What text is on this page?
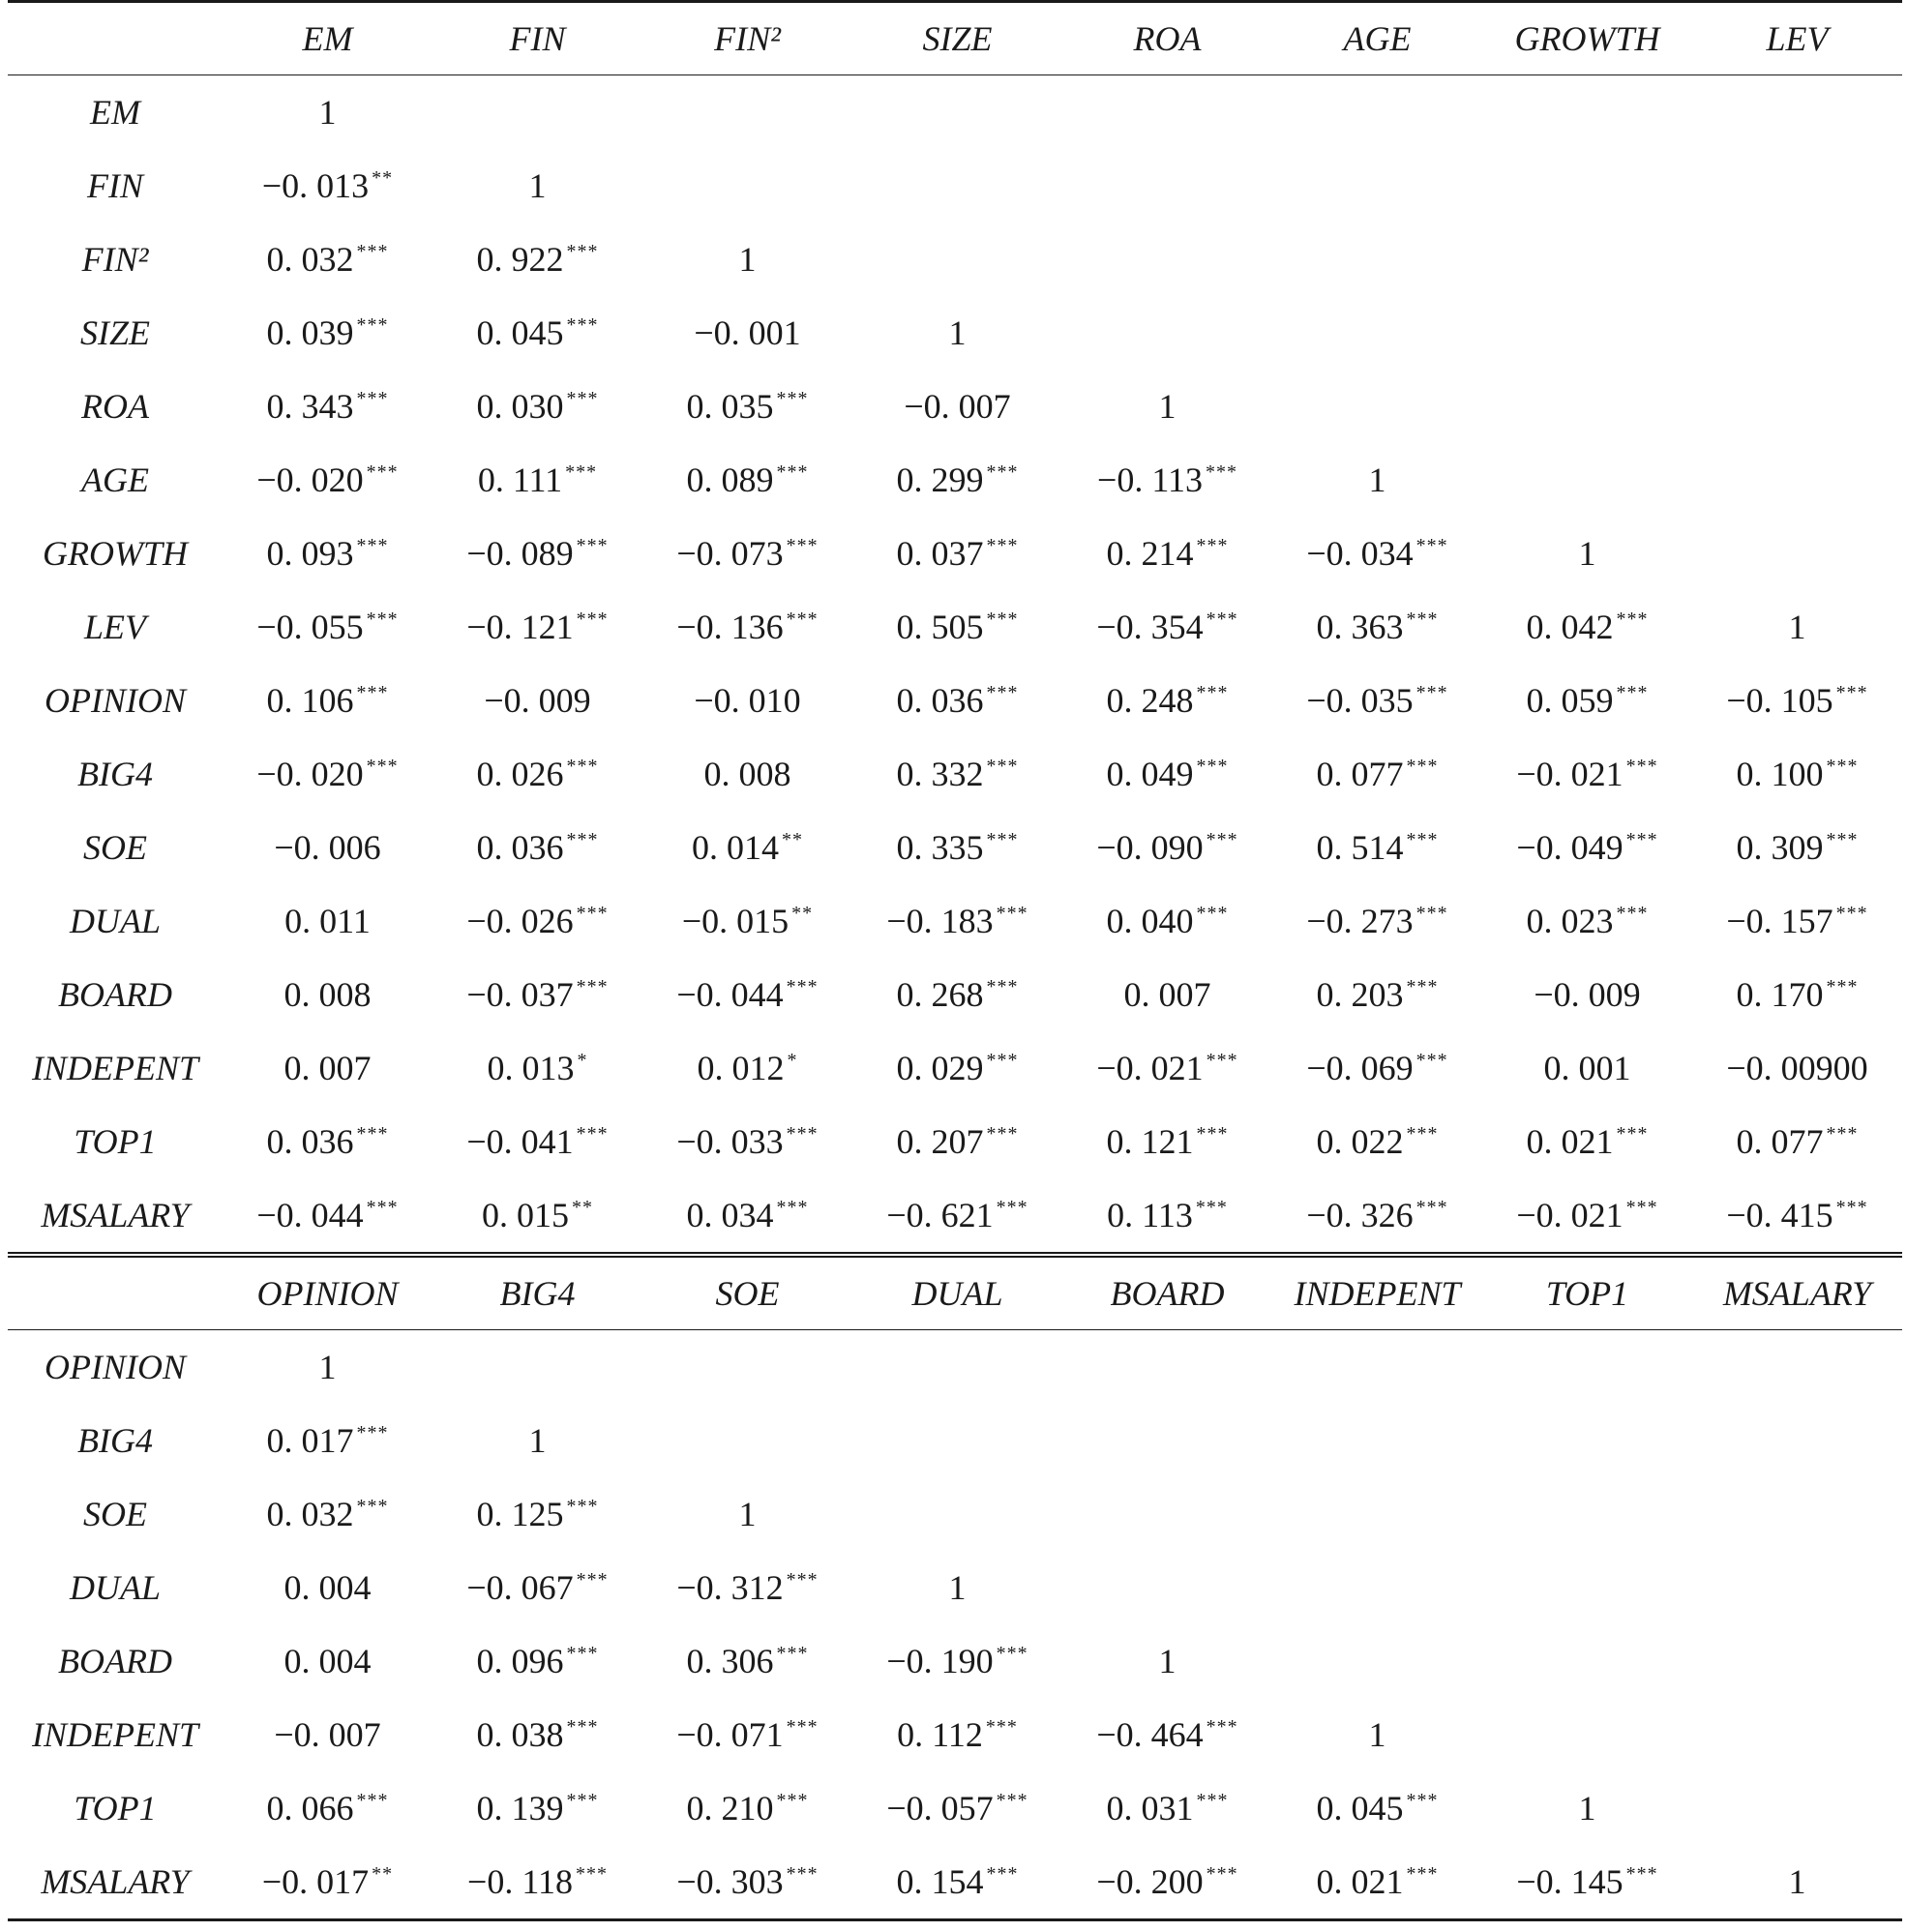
	EM	FIN	FIN²	SIZE	ROA	AGE	GROWTH	LEV
EM	1							
FIN	−0. 013 **	1						
FIN²	0. 032 ***	0. 922 ***	1					
SIZE	0. 039 ***	0. 045 ***	−0. 001	1				
ROA	0. 343 ***	0. 030 ***	0. 035 ***	−0. 007	1			
AGE	−0. 020 ***	0. 111 ***	0. 089 ***	0. 299 ***	−0. 113 ***	1		
GROWTH	0. 093 ***	−0. 089 ***	−0. 073 ***	0. 037 ***	0. 214 ***	−0. 034 ***	1	
LEV	−0. 055 ***	−0. 121 ***	−0. 136 ***	0. 505 ***	−0. 354 ***	0. 363 ***	0. 042 ***	1
OPINION	0. 106 ***	−0. 009	−0. 010	0. 036 ***	0. 248 ***	−0. 035 ***	0. 059 ***	−0. 105 ***
BIG4	−0. 020 ***	0. 026 ***	0. 008	0. 332 ***	0. 049 ***	0. 077 ***	−0. 021 ***	0. 100 ***
SOE	−0. 006	0. 036 ***	0. 014 **	0. 335 ***	−0. 090 ***	0. 514 ***	−0. 049 ***	0. 309 ***
DUAL	0. 011	−0. 026 ***	−0. 015 **	−0. 183 ***	0. 040 ***	−0. 273 ***	0. 023 ***	−0. 157 ***
BOARD	0. 008	−0. 037 ***	−0. 044 ***	0. 268 ***	0. 007	0. 203 ***	−0. 009	0. 170 ***
INDEPENT	0. 007	0. 013 *	0. 012 *	0. 029 ***	−0. 021 ***	−0. 069 ***	0. 001	−0. 00900
TOP1	0. 036 ***	−0. 041 ***	−0. 033 ***	0. 207 ***	0. 121 ***	0. 022 ***	0. 021 ***	0. 077 ***
MSALARY	−0. 044 ***	0. 015 **	0. 034 ***	−0. 621 ***	0. 113 ***	−0. 326 ***	−0. 021 ***	−0. 415 ***
	OPINION	BIG4	SOE	DUAL	BOARD	INDEPENT	TOP1	MSALARY
OPINION	1							
BIG4	0. 017 ***	1						
SOE	0. 032 ***	0. 125 ***	1					
DUAL	0. 004	−0. 067 ***	−0. 312 ***	1				
BOARD	0. 004	0. 096 ***	0. 306 ***	−0. 190 ***	1			
INDEPENT	−0. 007	0. 038 ***	−0. 071 ***	0. 112 ***	−0. 464 ***	1		
TOP1	0. 066 ***	0. 139 ***	0. 210 ***	−0. 057 ***	0. 031 ***	0. 045 ***	1	
MSALARY	−0. 017 **	−0. 118 ***	−0. 303 ***	0. 154 ***	−0. 200 ***	0. 021 ***	−0. 145 ***	1
